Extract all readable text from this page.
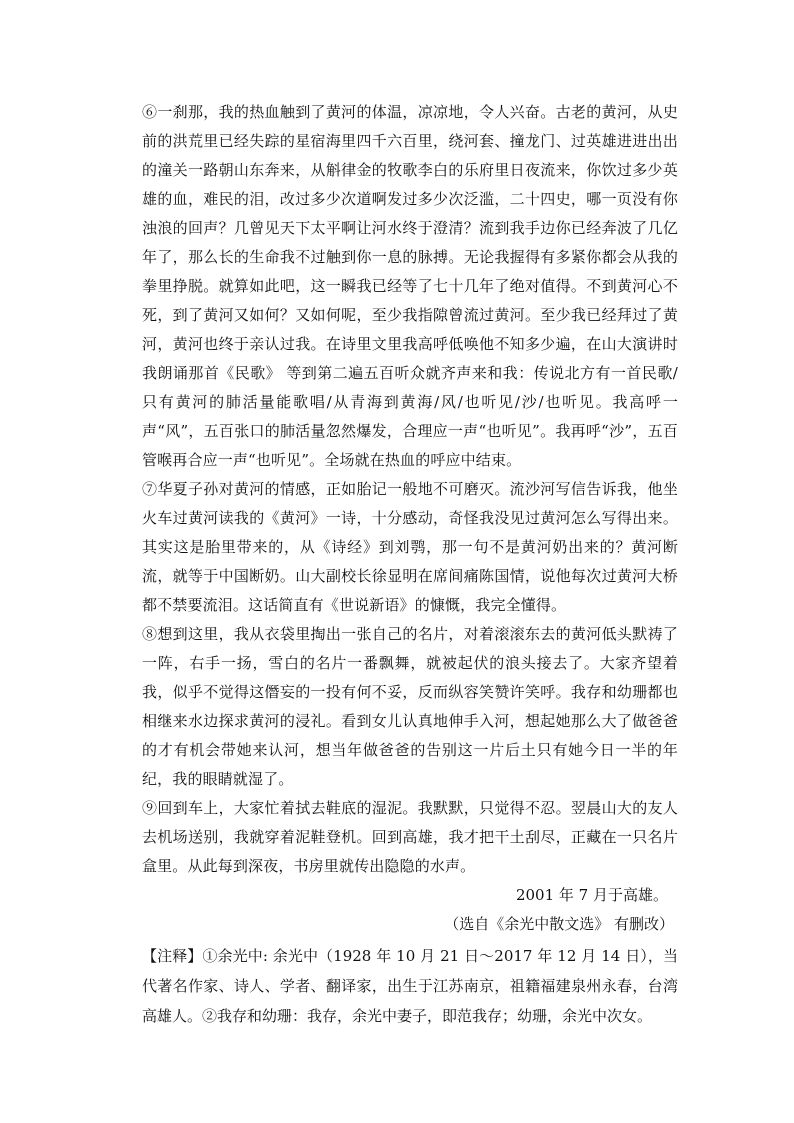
⑥一刹那，我的热血触到了黄河的体温，凉凉地，令人兴奋。古老的黄河，从史前的洪荒里已经失踪的星宿海里四千六百里，绕河套、撞龙门、过英雄进进出出的潼关一路朝山东奔来，从斛律金的牧歌李白的乐府里日夜流来，你饮过多少英雄的血，难民的泪，改过多少次道啊发过多少次泛滥，二十四史，哪一页没有你浊浪的回声？几曾见天下太平啊让河水终于澄清？流到我手边你已经奔波了几亿年了，那么长的生命我不过触到你一息的脉搏。无论我握得有多紧你都会从我的拳里挣脱。就算如此吧，这一瞬我已经等了七十几年了绝对值得。不到黄河心不死，到了黄河又如何？又如何呢，至少我指隙曾流过黄河。至少我已经拜过了黄河，黄河也终于亲认过我。在诗里文里我高呼低唤他不知多少遍，在山大演讲时我朗诵那首《民歌》 等到第二遍五百听众就齐声来和我：传说北方有一首民歌/只有黄河的肺活量能歌唱/从青海到黄海/风/也听见/沙/也听见。我高呼一声“风”，五百张口的肺活量忽然爆发，合理应一声“也听见”。我再呼“沙”，五百管喉再合应一声“也听见”。全场就在热血的呼应中结束。

⑦华夏子孙对黄河的情感，正如胎记一般地不可磨灭。流沙河写信告诉我，他坐火车过黄河读我的《黄河》一诗，十分感动，奇怪我没见过黄河怎么写得出来。其实这是胎里带来的，从《诗经》到刘鹗，那一句不是黄河奶出来的？黄河断流，就等于中国断奶。山大副校长徐显明在席间痛陈国情，说他每次过黄河大桥都不禁要流泪。这话简直有《世说新语》的慷慨，我完全懂得。

⑧想到这里，我从衣袋里掏出一张自己的名片，对着滚滚东去的黄河低头默祷了一阵，右手一扬，雪白的名片一番飘舞，就被起伏的浪头接去了。大家齐望着我，似乎不觉得这僭妄的一投有何不妥，反而纵容笑赞许笑呼。我存和幼珊都也相继来水边探求黄河的浸礼。看到女儿认真地伸手入河，想起她那么大了做爸爸的才有机会带她来认河，想当年做爸爸的告别这一片后土只有她今日一半的年纪，我的眼睛就湿了。

⑨回到车上，大家忙着拭去鞋底的湿泥。我默默，只觉得不忍。翌晨山大的友人去机场送别，我就穿着泥鞋登机。回到高雄，我才把干土刮尽，正藏在一只名片盒里。从此每到深夜，书房里就传出隐隐的水声。

2001 年 7 月于高雄。

（选自《余光中散文选》 有删改）

【注释】①余光中: 余光中（1928 年 10 月 21 日～2017 年 12 月 14 日），当代著名作家、诗人、学者、翻译家，出生于江苏南京，祖籍福建泉州永春，台湾高雄人。②我存和幼珊：我存，余光中妻子，即范我存；幼珊，余光中次女。
